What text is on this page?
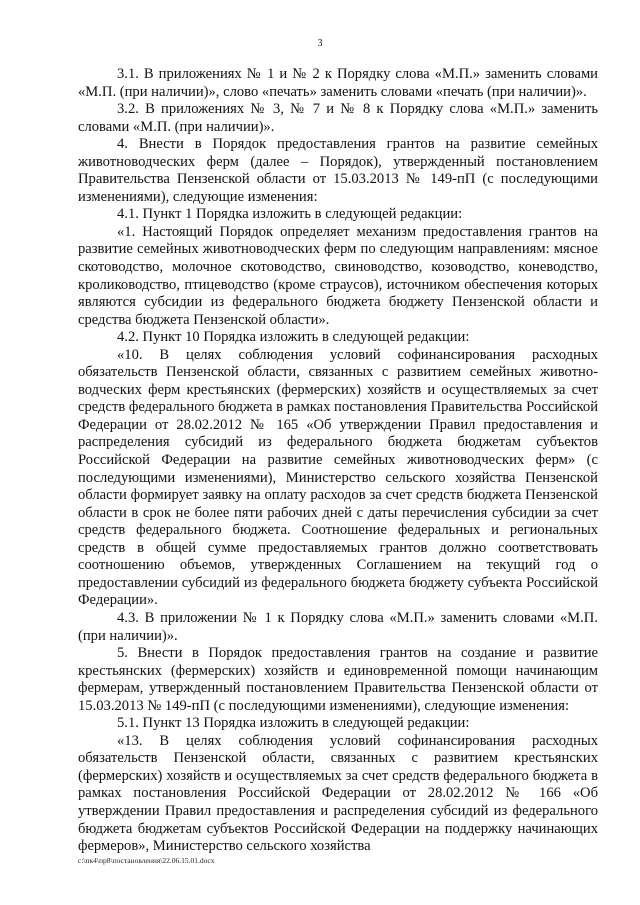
3

3.1. В приложениях № 1 и № 2 к Порядку слова «М.П.» заменить словами «М.П. (при наличии)», слово «печать» заменить словами «печать (при наличии)».

3.2. В приложениях № 3, № 7 и № 8 к Порядку слова «М.П.» заменить словами «М.П. (при наличии)».

4. Внести в Порядок предоставления грантов на развитие семейных животноводческих ферм (далее – Порядок), утвержденный постановлением Правительства Пензенской области от 15.03.2013 № 149-пП (с последующими изменениями), следующие изменения:

4.1. Пункт 1 Порядка изложить в следующей редакции:

«1. Настоящий Порядок определяет механизм предоставления грантов на развитие семейных животноводческих ферм по следующим направлениям: мясное скотоводство, молочное скотоводство, свиноводство, козоводство, коневодство, кролиководство, птицеводство (кроме страусов), источником обеспечения которых являются субсидии из федерального бюджета бюджету Пензенской области и средства бюджета Пензенской области».

4.2. Пункт 10 Порядка изложить в следующей редакции:

«10. В целях соблюдения условий софинансирования расходных обязательств Пензенской области, связанных с развитием семейных животно-водческих ферм крестьянских (фермерских) хозяйств и осуществляемых за счет средств федерального бюджета в рамках постановления Правительства Российской Федерации от 28.02.2012 № 165 «Об утверждении Правил предоставления и распределения субсидий из федерального бюджета бюджетам субъектов Российской Федерации на развитие семейных животноводческих ферм» (с последующими изменениями), Министерство сельского хозяйства Пензенской области формирует заявку на оплату расходов за счет средств бюджета Пензенской области в срок не более пяти рабочих дней с даты перечисления субсидии за счет средств федерального бюджета. Соотношение федеральных и региональных средств в общей сумме предоставляемых грантов должно соответствовать соотношению объемов, утвержденных Соглашением на текущий год о предоставлении субсидий из федерального бюджета бюджету субъекта Российской Федерации».

4.3. В приложении № 1 к Порядку слова «М.П.» заменить словами «М.П. (при наличии)».

5. Внести в Порядок предоставления грантов на создание и развитие крестьянских (фермерских) хозяйств и единовременной помощи начинающим фермерам, утвержденный постановлением Правительства Пензенской области от 15.03.2013 № 149-пП (с последующими изменениями), следующие изменения:

5.1. Пункт 13 Порядка изложить в следующей редакции:

«13. В целях соблюдения условий софинансирования расходных обязательств Пензенской области, связанных с развитием крестьянских (фермерских) хозяйств и осуществляемых за счет средств федерального бюджета в рамках постановления Российской Федерации от 28.02.2012 № 166 «Об утверждении Правил предоставления и распределения субсидий из федерального бюджета бюджетам субъектов Российской Федерации на поддержку начинающих фермеров», Министерство сельского хозяйства

c:\пк4\пр8\постановления\22.06.15.01.docx
